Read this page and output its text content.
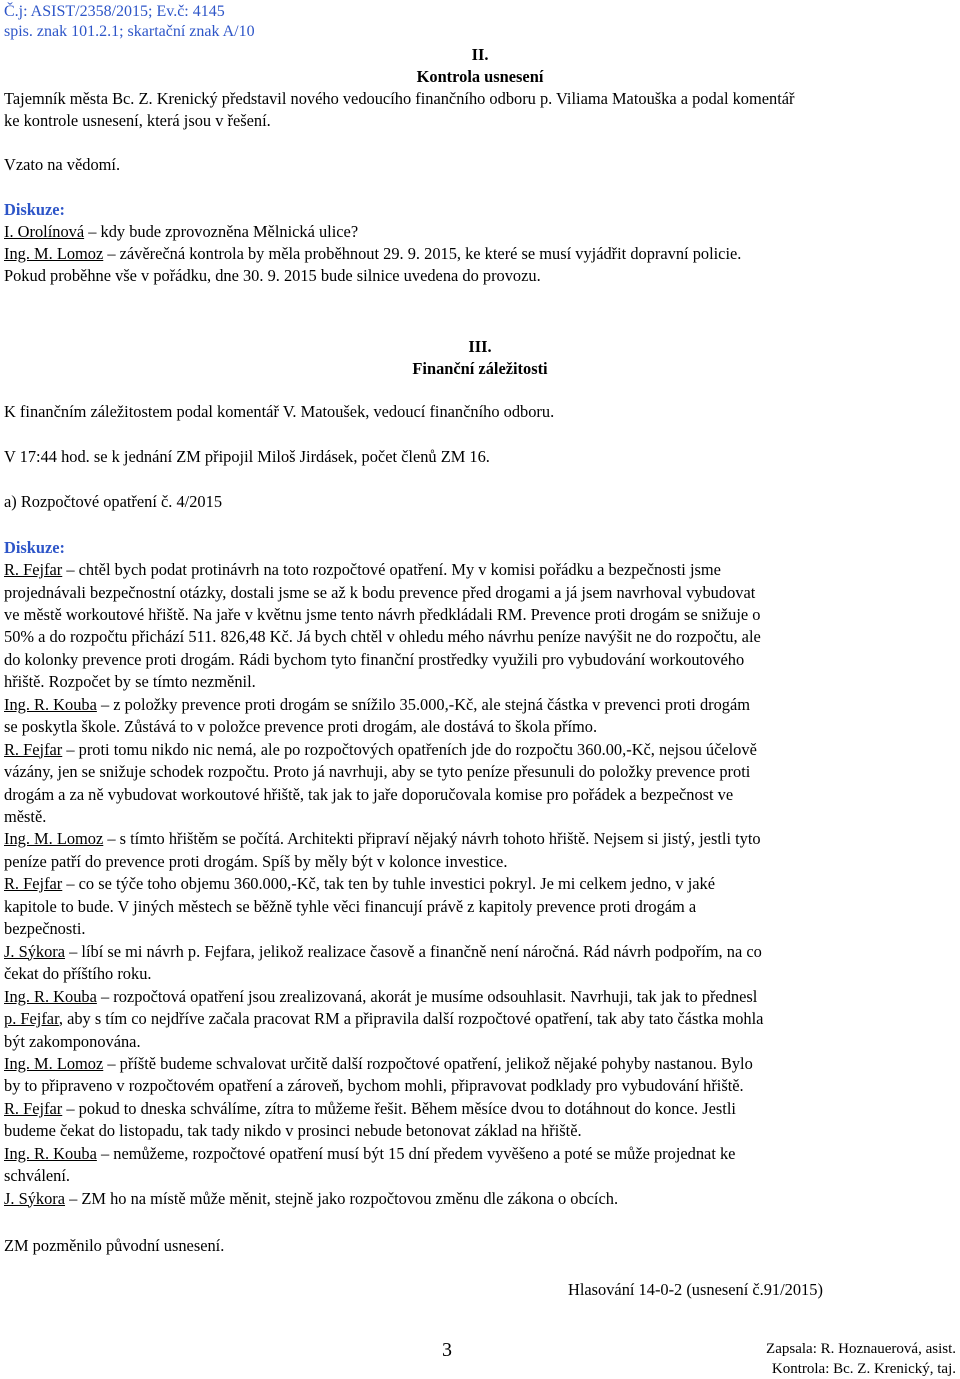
Č.j: ASIST/2358/2015; Ev.č: 4145
spis. znak 101.2.1; skartační znak A/10
II.
Kontrola usnesení
Tajemník města Bc. Z. Krenický představil nového vedoucího finančního odboru p. Viliama Matouška a podal komentář
ke kontrole usnesení, která jsou v řešení.
Vzato na vědomí.
Diskuze:
I. Orolínová – kdy bude zprovozněna Mělnická ulice?
Ing. M. Lomoz – závěrečná kontrola by měla proběhnout 29. 9. 2015, ke které se musí vyjádřit dopravní policie.
Pokud proběhne vše v pořádku, dne 30. 9. 2015 bude silnice uvedena do provozu.
III.
Finanční záležitosti
K finančním záležitostem podal komentář V. Matoušek, vedoucí finančního odboru.
V 17:44 hod. se k jednání ZM připojil Miloš Jirdásek, počet členů ZM 16.
a) Rozpočtové opatření č. 4/2015
Diskuze:
R. Fejfar – chtěl bych podat protinávrh na toto rozpočtové opatření. My v komisi pořádku a bezpečnosti jsme
projednávali bezpečnostní otázky, dostali jsme se až k bodu prevence před drogami a já jsem navrhoval vybudovat
ve městě workoutové hřiště. Na jaře v květnu jsme tento návrh předkládali RM. Prevence proti drogám se snižuje o
50% a do rozpočtu přichází 511. 826,48 Kč. Já bych chtěl v ohledu mého návrhu peníze navýšit ne do rozpočtu, ale
do kolonky prevence proti drogám. Rádi bychom tyto finanční prostředky využili pro vybudování workoutového
hřiště. Rozpočet by se tímto nezměnil.
Ing. R. Kouba – z položky prevence proti drogám se snížilo 35.000,-Kč, ale stejná částka v prevenci proti drogám
se poskytla škole. Zůstává to v položce prevence proti drogám, ale dostává to škola přímo.
R. Fejfar – proti tomu nikdo nic nemá, ale po rozpočtových opatřeních jde do rozpočtu 360.00,-Kč, nejsou účelově
vázány, jen se snižuje schodek rozpočtu. Proto já navrhuji, aby se tyto peníze přesunuli do položky prevence proti
drogám a za ně vybudovat workoutové hřiště, tak jak to jaře doporučovala komise pro pořádek a bezpečnost ve
městě.
Ing. M. Lomoz – s tímto hřištěm se počítá. Architekti připraví nějaký návrh tohoto hřiště. Nejsem si jistý, jestli tyto
peníze patří do prevence proti drogám. Spíš by měly být v kolonce investice.
R. Fejfar – co se týče toho objemu 360.000,-Kč, tak ten by tuhle investici pokryl. Je mi celkem jedno, v jaké
kapitole to bude. V jiných městech se běžně tyhle věci financují právě z kapitoly prevence proti drogám a
bezpečnosti.
J. Sýkora – líbí se mi návrh p. Fejfara, jelikož realizace časově a finančně není náročná. Rád návrh podpořím, na co
čekat do příštího roku.
Ing. R. Kouba – rozpočtová opatření jsou zrealizovaná, akorát je musíme odsouhlasit. Navrhuji, tak jak to přednesl
p. Fejfar, aby s tím co nejdříve začala pracovat RM a připravila další rozpočtové opatření, tak aby tato částka mohla
být zakomponována.
Ing. M. Lomoz – příště budeme schvalovat určitě další rozpočtové opatření, jelikož nějaké pohyby nastanou. Bylo
by to připraveno v rozpočtovém opatření a zároveň, bychom mohli, připravovat podklady pro vybudování hřiště.
R. Fejfar – pokud to dneska schválíme, zítra to můžeme řešit. Během měsíce dvou to dotáhnout do konce. Jestli
budeme čekat do listopadu, tak tady nikdo v prosinci nebude betonovat základ na hřiště.
Ing. R. Kouba – nemůžeme, rozpočtové opatření musí být 15 dní předem vyvěšeno a poté se může projednat ke
schválení.
J. Sýkora – ZM ho na místě může měnit, stejně jako rozpočtovou změnu dle zákona o obcích.
ZM pozměnilo původní usnesení.
Hlasování 14-0-2 (usnesení č.91/2015)
3	Zapsala: R. Hoznauerová, asist.
Kontrola: Bc. Z. Krenický, taj.
